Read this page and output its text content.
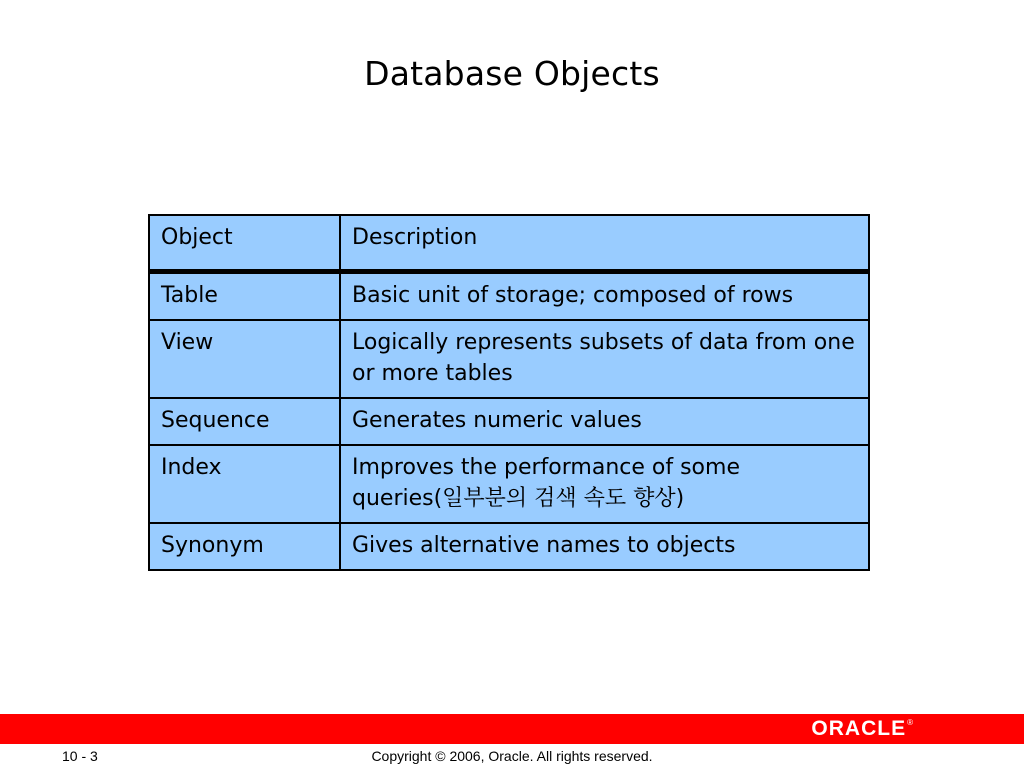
Database Objects
Object	Description
Table	Basic unit of storage; composed of rows
View	Logically represents subsets of data from one or more tables
Sequence	Generates numeric values
Index	Improves the performance of some queries(일부분의 검색 속도 향상)
Synonym	Gives alternative names to objects
ORACLE®
10 - 3	Copyright © 2006, Oracle. All rights reserved.
